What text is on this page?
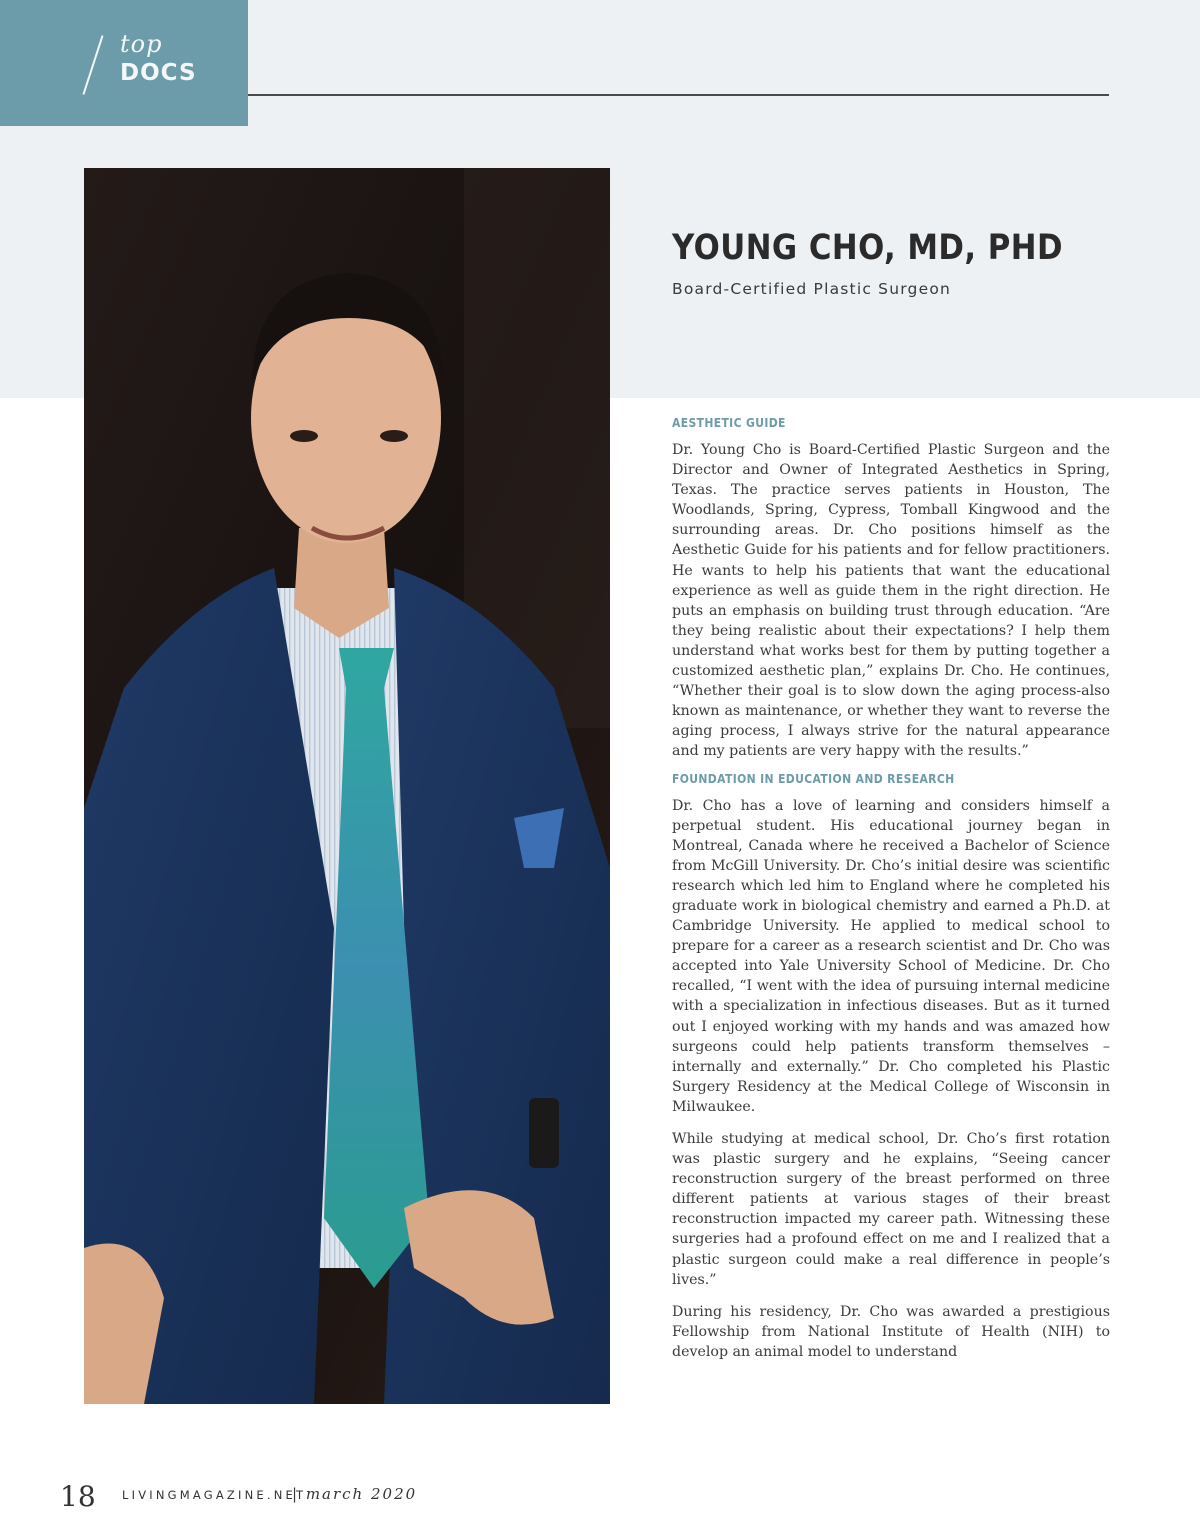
top
DOCS
YOUNG CHO, MD, PHD
Board-Certified Plastic Surgeon
AESTHETIC GUIDE

Dr. Young Cho is Board-Certified Plastic Surgeon and the Director and Owner of Integrated Aesthetics in Spring, Texas. The practice serves patients in Houston, The Woodlands, Spring, Cypress, Tomball Kingwood and the surrounding areas. Dr. Cho positions himself as the Aesthetic Guide for his patients and for fellow practitioners. He wants to help his patients that want the educational experience as well as guide them in the right direction. He puts an emphasis on building trust through education. “Are they being realistic about their expectations? I help them understand what works best for them by putting together a customized aesthetic plan,” explains Dr. Cho. He continues, “Whether their goal is to slow down the aging process-also known as maintenance, or whether they want to reverse the aging process, I always strive for the natural appearance and my patients are very happy with the results.”

FOUNDATION IN EDUCATION AND RESEARCH

Dr. Cho has a love of learning and considers himself a perpetual student. His educational journey began in Montreal, Canada where he received a Bachelor of Science from McGill University. Dr. Cho’s initial desire was scientific research which led him to England where he completed his graduate work in biological chemistry and earned a Ph.D. at Cambridge University. He applied to medical school to prepare for a career as a research scientist and Dr. Cho was accepted into Yale University School of Medicine. Dr. Cho recalled, “I went with the idea of pursuing internal medicine with a specialization in infectious diseases. But as it turned out I enjoyed working with my hands and was amazed how surgeons could help patients transform themselves – internally and externally.” Dr. Cho completed his Plastic Surgery Residency at the Medical College of Wisconsin in Milwaukee.

While studying at medical school, Dr. Cho’s first rotation was plastic surgery and he explains, “Seeing cancer reconstruction surgery of the breast performed on three different patients at various stages of their breast reconstruction impacted my career path. Witnessing these surgeries had a profound effect on me and I realized that a plastic surgeon could make a real difference in people’s lives.”

During his residency, Dr. Cho was awarded a prestigious Fellowship from National Institute of Health (NIH) to develop an animal model to understand

18 LIVINGMAGAZINE.NET
| march 2020
